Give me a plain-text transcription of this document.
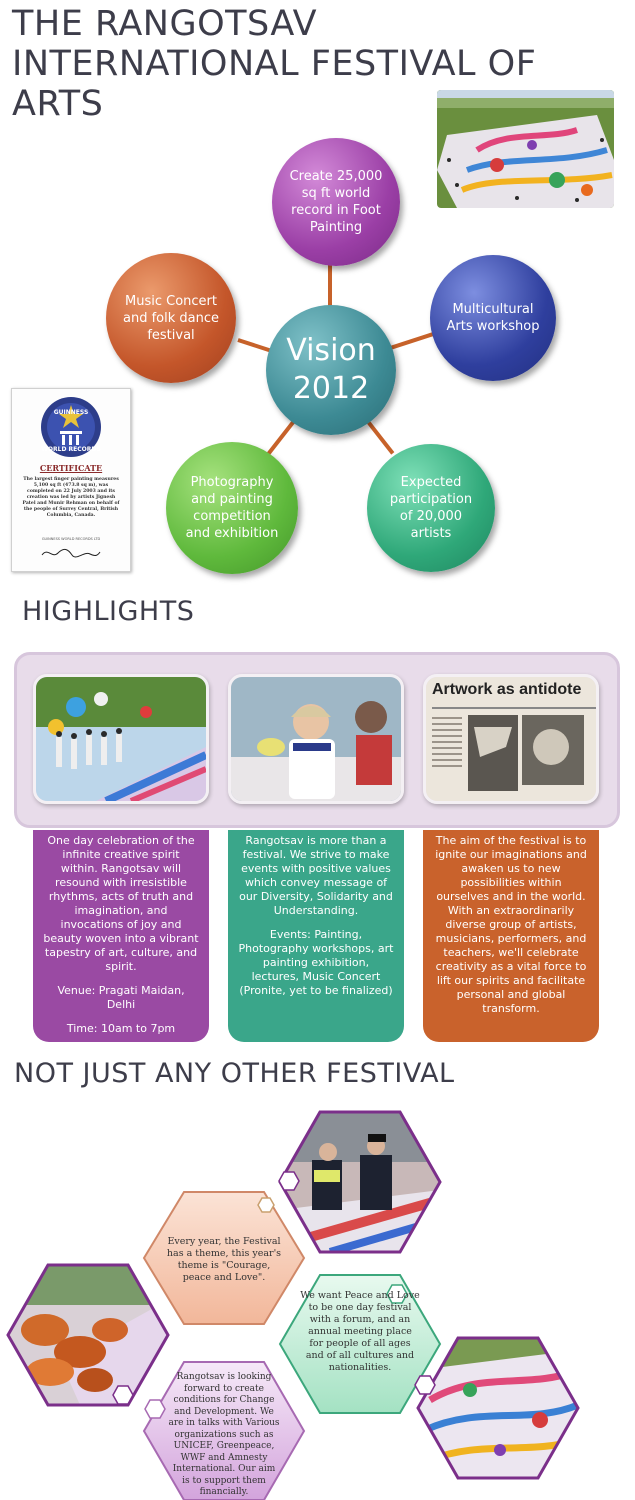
THE RANGOTSAV
INTERNATIONAL FESTIVAL OF ARTS
GUINNESS
WORLD RECORDS
CERTIFICATE
The largest finger painting measures 5,100 sq ft (473.8 sq m), was completed on 22 July 2003 and its creation was led by artists Jignesh Patel and Munir Rehman on behalf of the people of Surrey Central, British Columbia, Canada.
GUINNESS WORLD RECORDS LTD
Vision 2012
Create 25,000 sq ft world record in Foot Painting
Multicultural Arts workshop
Expected participation of 20,000 artists
Photography and painting competition and exhibition
Music Concert and folk dance festival
HIGHLIGHTS
Artwork as antidote

One day celebration of the infinite creative spirit within. Rangotsav will resound with irresistible rhythms, acts of truth and imagination, and invocations of joy and beauty woven into a vibrant tapestry of art, culture, and spirit.

Venue: Pragati Maidan, Delhi

Time: 10am to 7pm

Rangotsav is more than a festival. We strive to make events with positive values which convey message of our Diversity, Solidarity and Understanding.

Events: Painting, Photography workshops, art painting exhibition, lectures, Music Concert (Pronite, yet to be finalized)

The aim of the festival is to ignite our imaginations and awaken us to new possibilities within ourselves and in the world. With an extraordinarily diverse group of artists, musicians, performers, and teachers, we'll celebrate creativity as a vital force to lift our spirits and facilitate personal and global transform.

NOT JUST ANY OTHER FESTIVAL
Every year, the Festival has a theme, this year's theme is "Courage, peace and Love".
We want Peace and Love to be one day festival with a forum, and an annual meeting place for people of all ages and of all cultures and nationalities.
Rangotsav is looking forward to create conditions for Change and Development. We are in talks with Various organizations such as UNICEF, Greenpeace, WWF and Amnesty International. Our aim is to support them financially.
